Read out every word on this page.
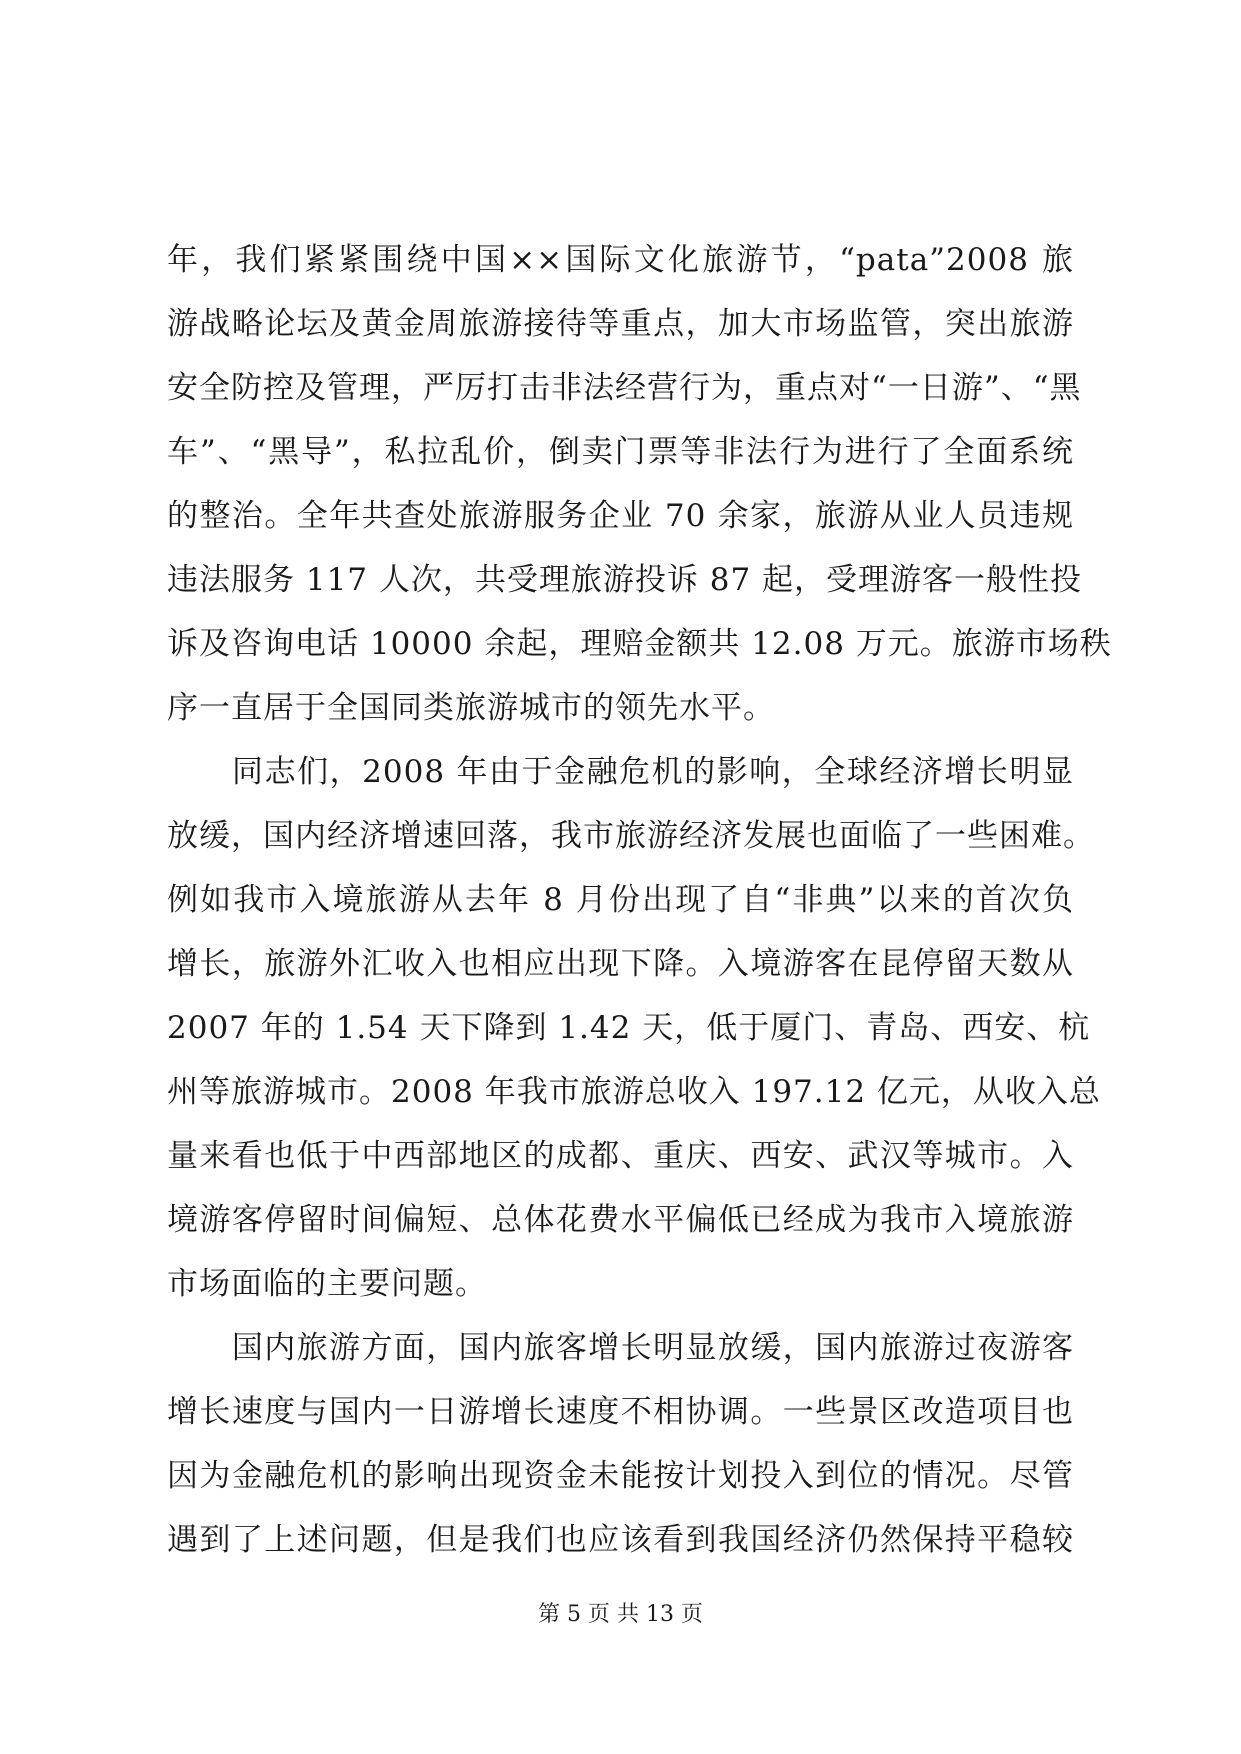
年，我们紧紧围绕中国××国际文化旅游节，“pata”2008 旅
游战略论坛及黄金周旅游接待等重点，加大市场监管，突出旅游
安全防控及管理，严厉打击非法经营行为，重点对“一日游”、“黑
车”、“黑导”，私拉乱价，倒卖门票等非法行为进行了全面系统
的整治。全年共查处旅游服务企业 70 余家，旅游从业人员违规
违法服务 117 人次，共受理旅游投诉 87 起，受理游客一般性投
诉及咨询电话 10000 余起，理赔金额共 12.08 万元。旅游市场秩
序一直居于全国同类旅游城市的领先水平。
　　同志们，2008 年由于金融危机的影响，全球经济增长明显
放缓，国内经济增速回落，我市旅游经济发展也面临了一些困难。
例如我市入境旅游从去年 8 月份出现了自“非典”以来的首次负
增长，旅游外汇收入也相应出现下降。入境游客在昆停留天数从
2007 年的 1.54 天下降到 1.42 天，低于厦门、青岛、西安、杭
州等旅游城市。2008 年我市旅游总收入 197.12 亿元，从收入总
量来看也低于中西部地区的成都、重庆、西安、武汉等城市。入
境游客停留时间偏短、总体花费水平偏低已经成为我市入境旅游
市场面临的主要问题。
　　国内旅游方面，国内旅客增长明显放缓，国内旅游过夜游客
增长速度与国内一日游增长速度不相协调。一些景区改造项目也
因为金融危机的影响出现资金未能按计划投入到位的情况。尽管
遇到了上述问题，但是我们也应该看到我国经济仍然保持平稳较
第 5 页 共 13 页
